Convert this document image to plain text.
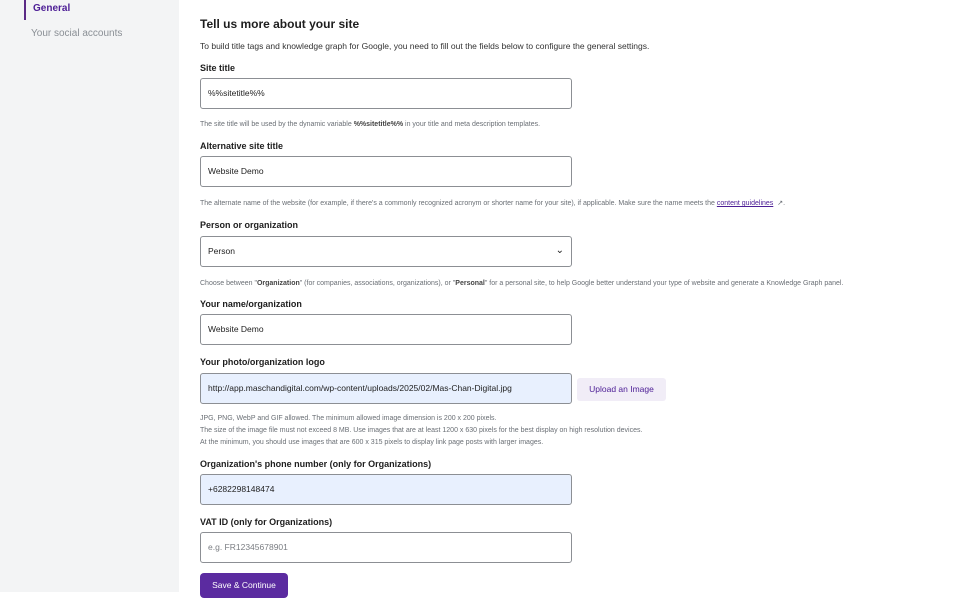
General
Your social accounts
Tell us more about your site
To build title tags and knowledge graph for Google, you need to fill out the fields below to configure the general settings.
Site title
%%sitetitle%%
The site title will be used by the dynamic variable %%sitetitle%% in your title and meta description templates.
Alternative site title
Website Demo
The alternate name of the website (for example, if there's a commonly recognized acronym or shorter name for your site), if applicable. Make sure the name meets the content guidelines ↗.
Person or organization
Person	⌄
Choose between "Organization" (for companies, associations, organizations), or "Personal" for a personal site, to help Google better understand your type of website and generate a Knowledge Graph panel.
Your name/organization
Website Demo
Your photo/organization logo
http://app.maschandigital.com/wp-content/uploads/2025/02/Mas-Chan-Digital.jpg	Upload an Image
JPG, PNG, WebP and GIF allowed. The minimum allowed image dimension is 200 x 200 pixels.
The size of the image file must not exceed 8 MB. Use images that are at least 1200 x 630 pixels for the best display on high resolution devices.
At the minimum, you should use images that are 600 x 315 pixels to display link page posts with larger images.
Organization's phone number (only for Organizations)
+6282298148474
VAT ID (only for Organizations)
e.g. FR12345678901
Save & Continue
